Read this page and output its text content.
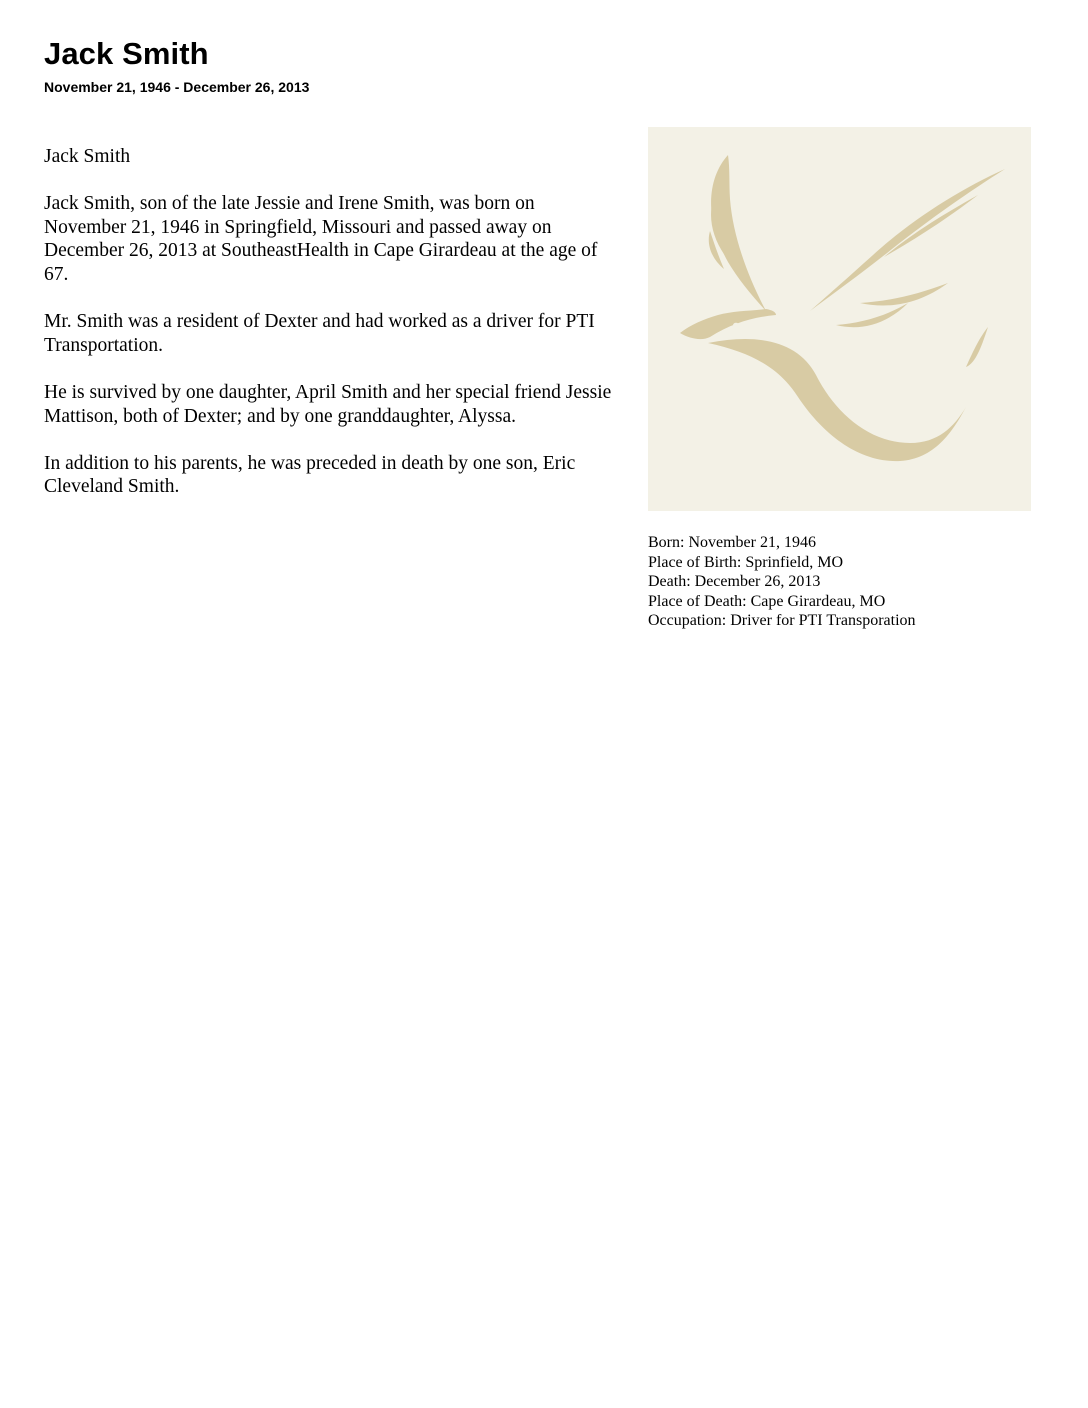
Jack Smith
November 21, 1946 - December 26, 2013

Jack Smith

Jack Smith, son of the late Jessie and Irene Smith, was born on November 21, 1946 in Springfield, Missouri and passed away on December 26, 2013 at SoutheastHealth in Cape Girardeau at the age of 67.

Mr. Smith was a resident of Dexter and had worked as a driver for PTI Transportation.

He is survived by one daughter, April Smith and her special friend Jessie Mattison, both of Dexter; and by one granddaughter, Alyssa.

In addition to his parents, he was preceded in death by one son, Eric Cleveland Smith.

Born: November 21, 1946
Place of Birth: Sprinfield, MO
Death: December 26, 2013
Place of Death: Cape Girardeau, MO
Occupation: Driver for PTI Transporation
